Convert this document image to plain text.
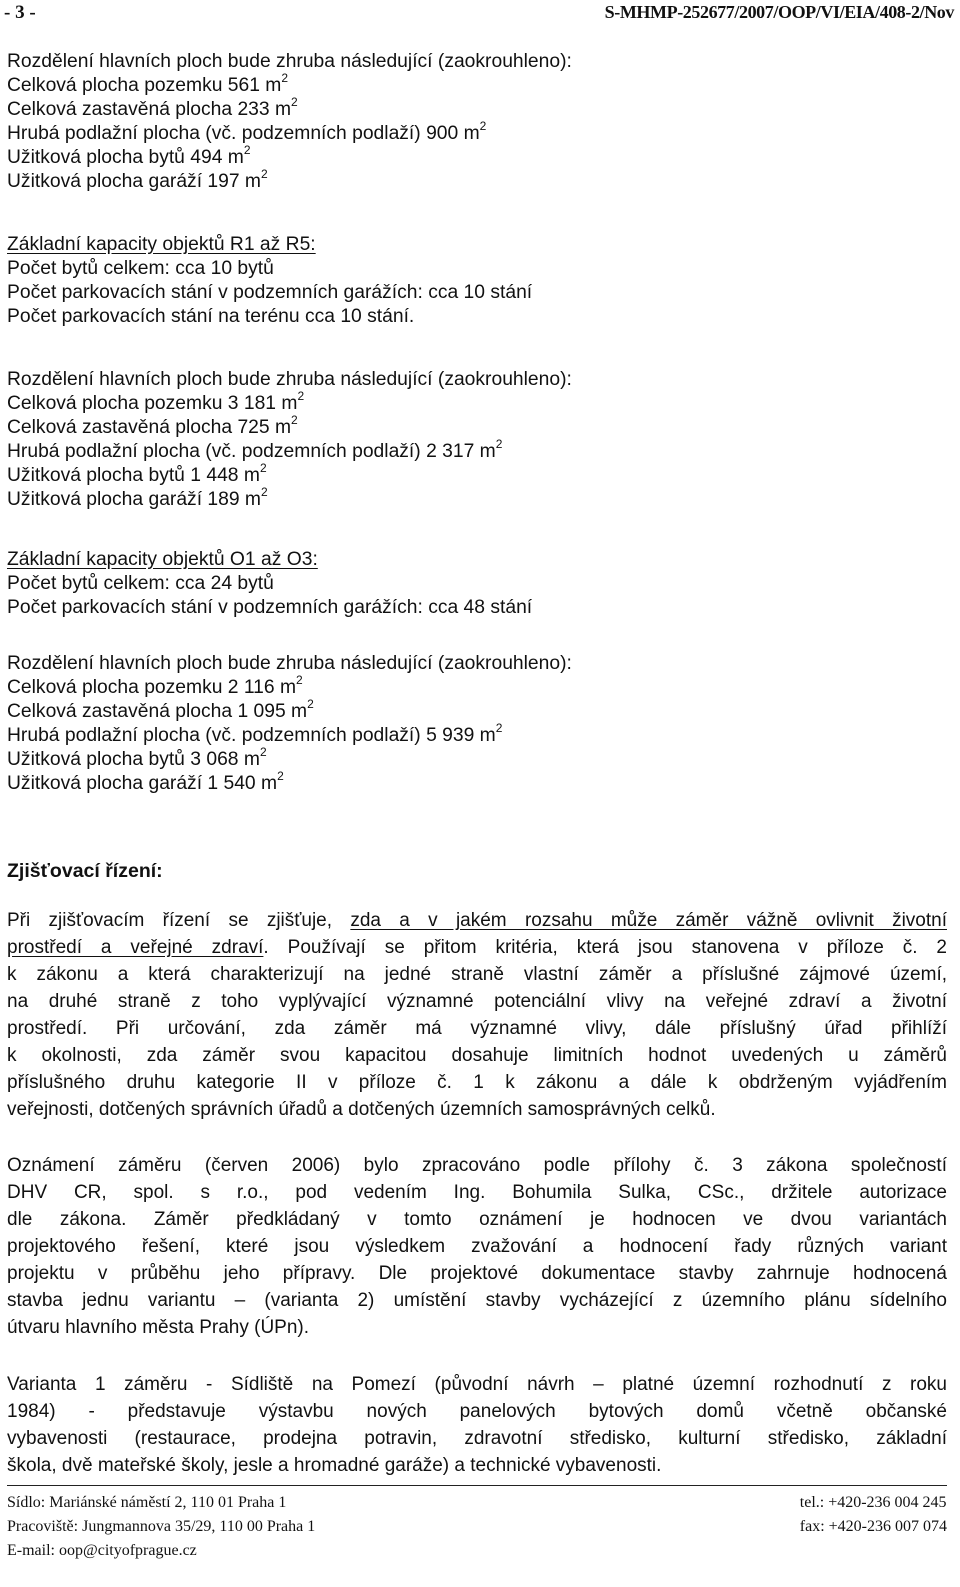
- 3 -	S-MHMP-252677/2007/OOP/VI/EIA/408-2/Nov
Rozdělení hlavních ploch bude zhruba následující (zaokrouhleno):
Celková plocha pozemku 561 $m^2$
Celková zastavěná plocha 233 $m^2$
Hrubá podlažní plocha (vč. podzemních podlaží) 900 $m^2$
Užitková plocha bytů 494 $m^2$
Užitková plocha garáží 197 $m^2$
Základní kapacity objektů R1 až R5:
Počet bytů celkem: cca 10 bytů
Počet parkovacích stání v podzemních garážích: cca 10 stání
Počet parkovacích stání na terénu cca 10 stání.
Rozdělení hlavních ploch bude zhruba následující (zaokrouhleno):
Celková plocha pozemku 3 181 $m^2$
Celková zastavěná plocha 725 $m^2$
Hrubá podlažní plocha (vč. podzemních podlaží) 2 317 $m^2$
Užitková plocha bytů 1 448 $m^2$
Užitková plocha garáží 189 $m^2$
Základní kapacity objektů O1 až O3:
Počet bytů celkem: cca 24 bytů
Počet parkovacích stání v podzemních garážích: cca 48 stání
Rozdělení hlavních ploch bude zhruba následující (zaokrouhleno):
Celková plocha pozemku 2 116 $m^2$
Celková zastavěná plocha 1 095 $m^2$
Hrubá podlažní plocha (vč. podzemních podlaží) 5 939 $m^2$
Užitková plocha bytů 3 068 $m^2$
Užitková plocha garáží 1 540 $m^2$
Zjišťovací řízení:
Při zjišťovacím řízení se zjišťuje, zda a v jakém rozsahu může záměr vážně ovlivnit životní
prostředí a veřejné zdraví. Používají se přitom kritéria, která jsou stanovena v příloze č. 2
k zákonu a která charakterizují na jedné straně vlastní záměr a příslušné zájmové území,
na druhé straně z toho vyplývající významné potenciální vlivy na veřejné zdraví a životní
prostředí. Při určování, zda záměr má významné vlivy, dále příslušný úřad přihlíží
k okolnosti, zda záměr svou kapacitou dosahuje limitních hodnot uvedených u záměrů
příslušného druhu kategorie II v příloze č. 1 k zákonu a dále k obdrženým vyjádřením
veřejnosti, dotčených správních úřadů a dotčených územních samosprávných celků.
Oznámení záměru (červen 2006) bylo zpracováno podle přílohy č. 3 zákona společností
DHV CR, spol. s r.o., pod vedením Ing. Bohumila Sulka, CSc., držitele autorizace
dle zákona. Záměr předkládaný v tomto oznámení je hodnocen ve dvou variantách
projektového řešení, které jsou výsledkem zvažování a hodnocení řady různých variant
projektu v průběhu jeho přípravy. Dle projektové dokumentace stavby zahrnuje hodnocená
stavba jednu variantu – (varianta 2) umístění stavby vycházející z územního plánu sídelního
útvaru hlavního města Prahy (ÚPn).
Varianta 1 záměru - Sídliště na Pomezí (původní návrh – platné územní rozhodnutí z roku
1984) - představuje výstavbu nových panelových bytových domů včetně občanské
vybavenosti (restaurace, prodejna potravin, zdravotní středisko, kulturní středisko, základní
škola, dvě mateřské školy, jesle a hromadné garáže) a technické vybavenosti.
Sídlo: Mariánské náměstí 2, 110 01 Praha 1
Pracoviště: Jungmannova 35/29, 110 00 Praha 1
E-mail: oop@cityofprague.cz
tel.: +420-236 004 245
fax: +420-236 007 074
